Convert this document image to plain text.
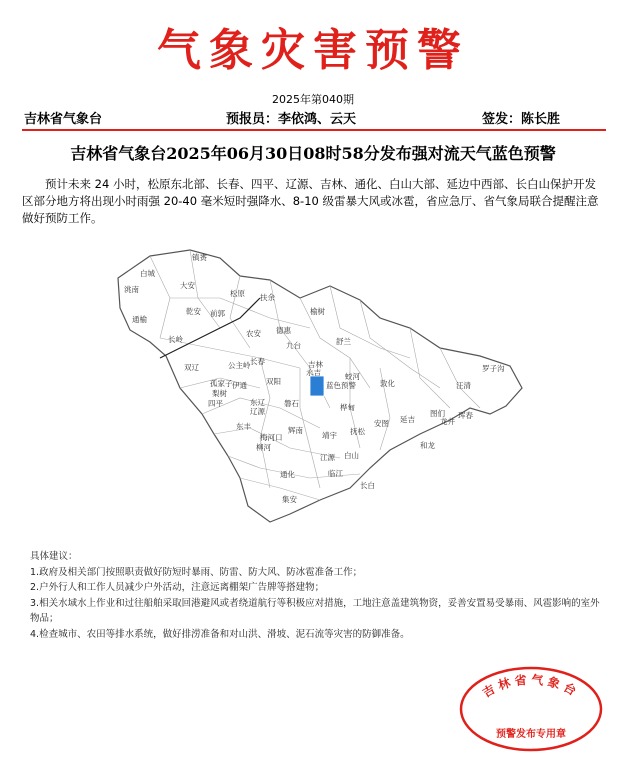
气象灾害预警
2025年第040期
吉林省气象台	预报员：李依鸿、云天	签发：陈长胜
吉林省气象台2025年06月30日08时58分发布强对流天气蓝色预警
预计未来 24 小时，松原东北部、长春、四平、辽源、吉林、通化、白山大部、延边中西部、长白山保护开发区部分地方将出现小时雨强 20-40 毫米短时强降水、8-10 级雷暴大风或冰雹，省应急厅、省气象局联合提醒注意做好预防工作。
蓝色预警
镇赉
白城
洮南	大安
通榆
乾安
松原 扶余
前郭
长岭
农安 德惠
榆树
舒兰
九台
双辽	公主岭 长春	吉林
永吉	蛟河
孤家子 伊通	双阳
梨树
四平	东辽	磐石	桦甸
辽源
东丰
梅河口
辉南
柳河
通化
集安
靖宇 抚松
江源
临江
长白
白山
敦化
安图 延吉
图们 珲春
汪清
罗子沟
和龙
龙井
具体建议：
1.政府及相关部门按照职责做好防短时暴雨、防雷、防大风、防冰雹准备工作；
2.户外行人和工作人员减少户外活动，注意远离棚架广告牌等搭建物；
3.相关水域水上作业和过往船舶采取回港避风或者绕道航行等积极应对措施，工地注意盖建筑物资，妥善安置易受暴雨、风雹影响的室外物品；
4.检查城市、农田等排水系统，做好排涝准备和对山洪、滑坡、泥石流等灾害的防御准备。
吉林省气象台
预警发布专用章
